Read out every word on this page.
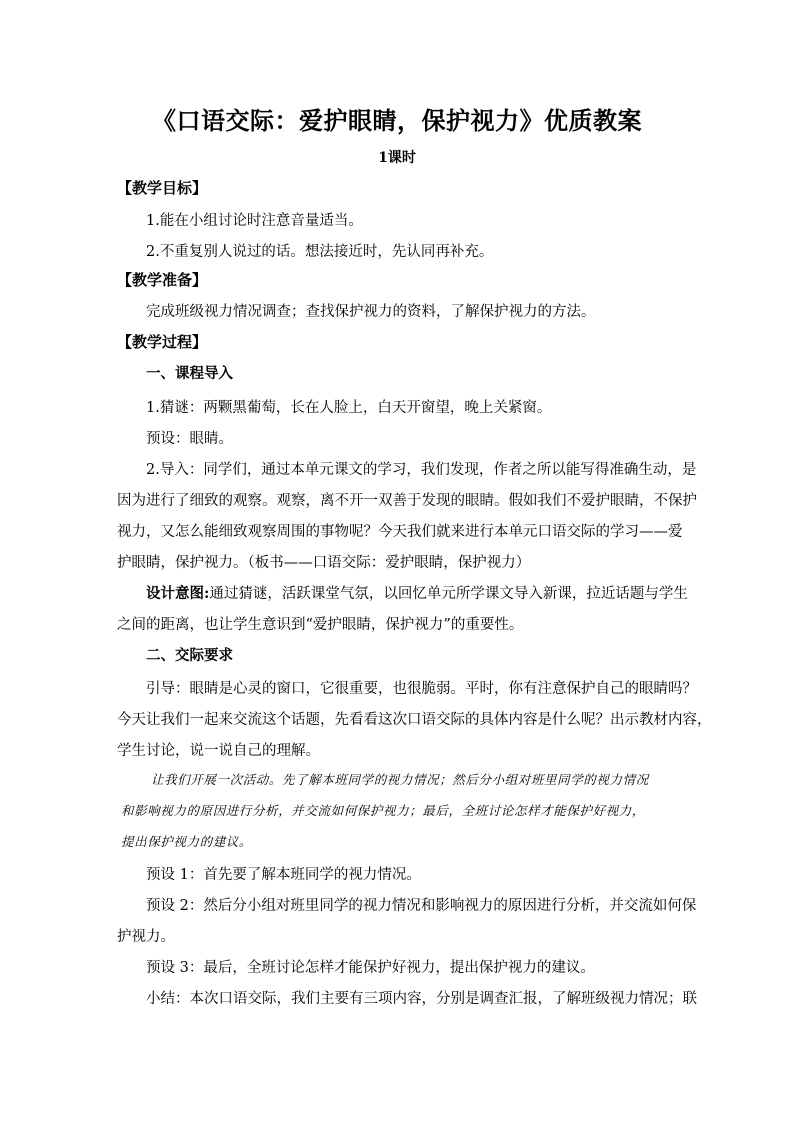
《口语交际：爱护眼睛，保护视力》优质教案
1课时
【教学目标】
1.能在小组讨论时注意音量适当。
2.不重复别人说过的话。想法接近时，先认同再补充。
【教学准备】
完成班级视力情况调查；查找保护视力的资料，了解保护视力的方法。
【教学过程】
一、课程导入
1.猜谜：两颗黑葡萄，长在人脸上，白天开窗望，晚上关紧窗。
预设：眼睛。
2.导入：同学们，通过本单元课文的学习，我们发现，作者之所以能写得准确生动，是
因为进行了细致的观察。观察，离不开一双善于发现的眼睛。假如我们不爱护眼睛，不保护
视力，又怎么能细致观察周围的事物呢？今天我们就来进行本单元口语交际的学习——爱
护眼睛，保护视力。（板书——口语交际：爱护眼睛，保护视力）
设计意图:通过猜谜，活跃课堂气氛，以回忆单元所学课文导入新课，拉近话题与学生
之间的距离，也让学生意识到“爱护眼睛，保护视力”的重要性。
二、交际要求
引导：眼睛是心灵的窗口，它很重要，也很脆弱。平时，你有注意保护自己的眼睛吗？
今天让我们一起来交流这个话题，先看看这次口语交际的具体内容是什么呢？出示教材内容，
学生讨论，说一说自己的理解。
让我们开展一次活动。先了解本班同学的视力情况；然后分小组对班里同学的视力情况
和影响视力的原因进行分析，并交流如何保护视力；最后，全班讨论怎样才能保护好视力，
提出保护视力的建议。
预设 1：首先要了解本班同学的视力情况。
预设 2：然后分小组对班里同学的视力情况和影响视力的原因进行分析，并交流如何保
护视力。
预设 3：最后，全班讨论怎样才能保护好视力，提出保护视力的建议。
小结：本次口语交际，我们主要有三项内容，分别是调查汇报，了解班级视力情况；联
